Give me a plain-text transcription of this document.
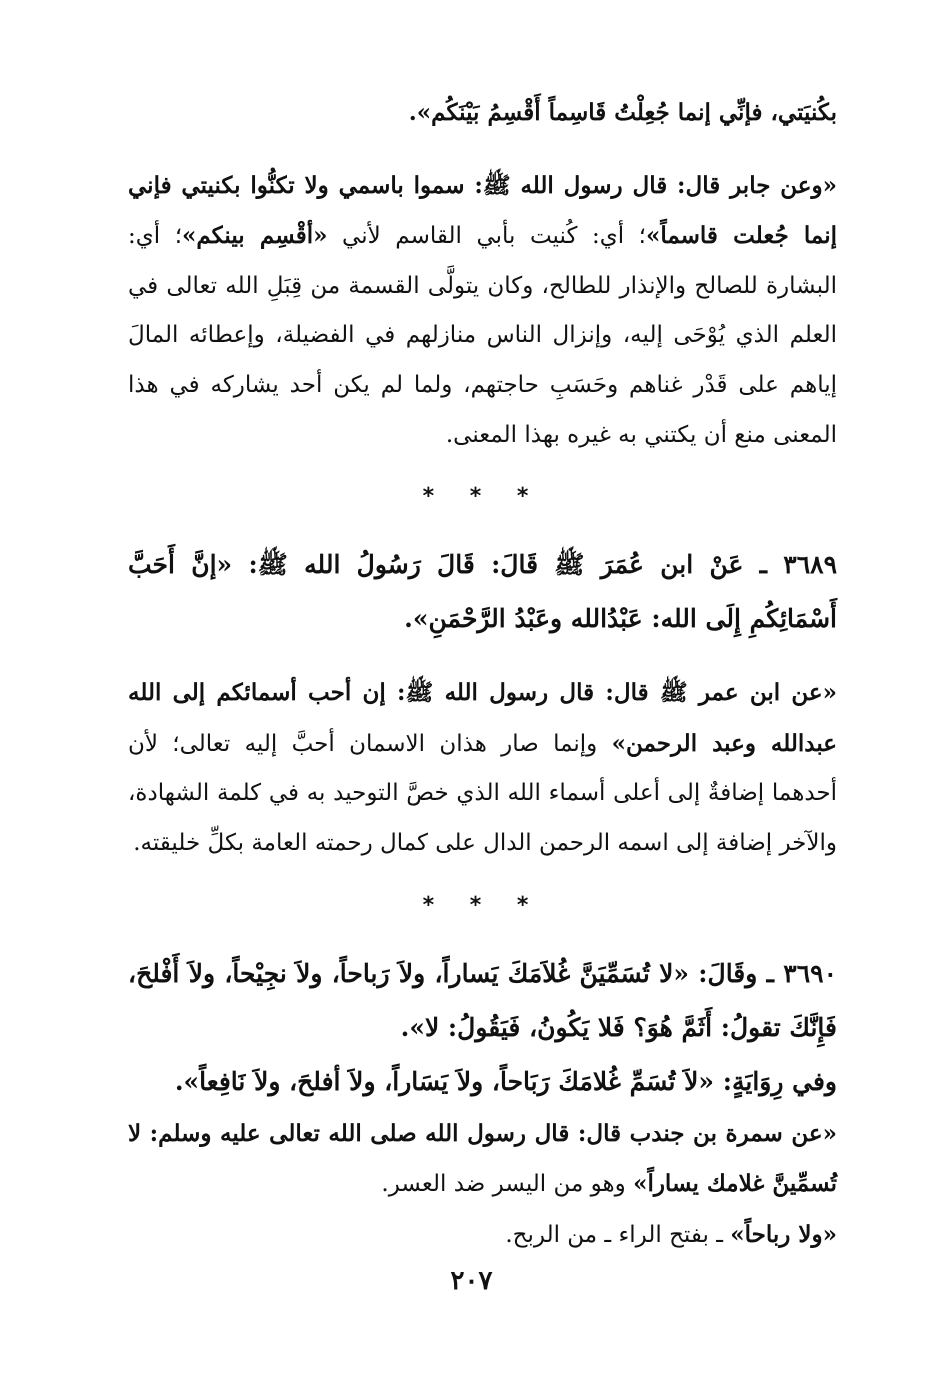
بكُنيَتي، فإنِّي إنما جُعِلْتُ قَاسِماً أَقْسِمُ بَيْنَكُم».

«وعن جابر قال: قال رسول الله ﷺ: سموا باسمي ولا تكنُّوا بكنيتي فإني إنما جُعلت قاسماً»؛ أي: كُنيت بأبي القاسم لأني «أقْسِم بينكم»؛ أي: البشارة للصالح والإنذار للطالح، وكان يتولَّى القسمة من قِبَلِ الله تعالى في العلم الذي يُوْحَى إليه، وإنزال الناس منازلهم في الفضيلة، وإعطائه المالَ إياهم على قَدْر غناهم وحَسَبِ حاجتهم، ولما لم يكن أحد يشاركه في هذا المعنى منع أن يكتني به غيره بهذا المعنى.

* * *

٣٦٨٩ ـ عَنْ ابن عُمَرَ ﷺ قَالَ: قَالَ رَسُولُ الله ﷺ: «إنَّ أَحَبَّ أَسْمَائِكُمِ إِلَى الله: عَبْدُالله وعَبْدُ الرَّحْمَنِ».

«عن ابن عمر ﷺ قال: قال رسول الله ﷺ: إن أحب أسمائكم إلى الله عبدالله وعبد الرحمن» وإنما صار هذان الاسمان أحبَّ إليه تعالى؛ لأن أحدهما إضافةٌ إلى أعلى أسماء الله الذي خصَّ التوحيد به في كلمة الشهادة، والآخر إضافة إلى اسمه الرحمن الدال على كمال رحمته العامة بكلِّ خليقته.

* * *

٣٦٩٠ ـ وقَالَ: «لا تُسَمِّيَنَّ غُلاَمَكَ يَساراً، ولاَ رَباحاً، ولاَ نجِيْحاً، ولاَ أَفْلحَ، فَإِنَّكَ تقولُ: أَثَمَّ هُوَ؟ فَلا يَكُونُ، فَيَقُولُ: لا».

وفي رِوَايَةٍ: «لاَ تُسَمِّ غُلامَكَ رَبَاحاً، ولاَ يَسَاراً، ولاَ أفلحَ، ولاَ نَافِعاً».

«عن سمرة بن جندب قال: قال رسول الله صلى الله تعالى عليه وسلم: لا تُسمِّينَّ غلامك يساراً» وهو من اليسر ضد العسر.

«ولا رباحاً» ـ بفتح الراء ـ من الربح.

٢٠٧
